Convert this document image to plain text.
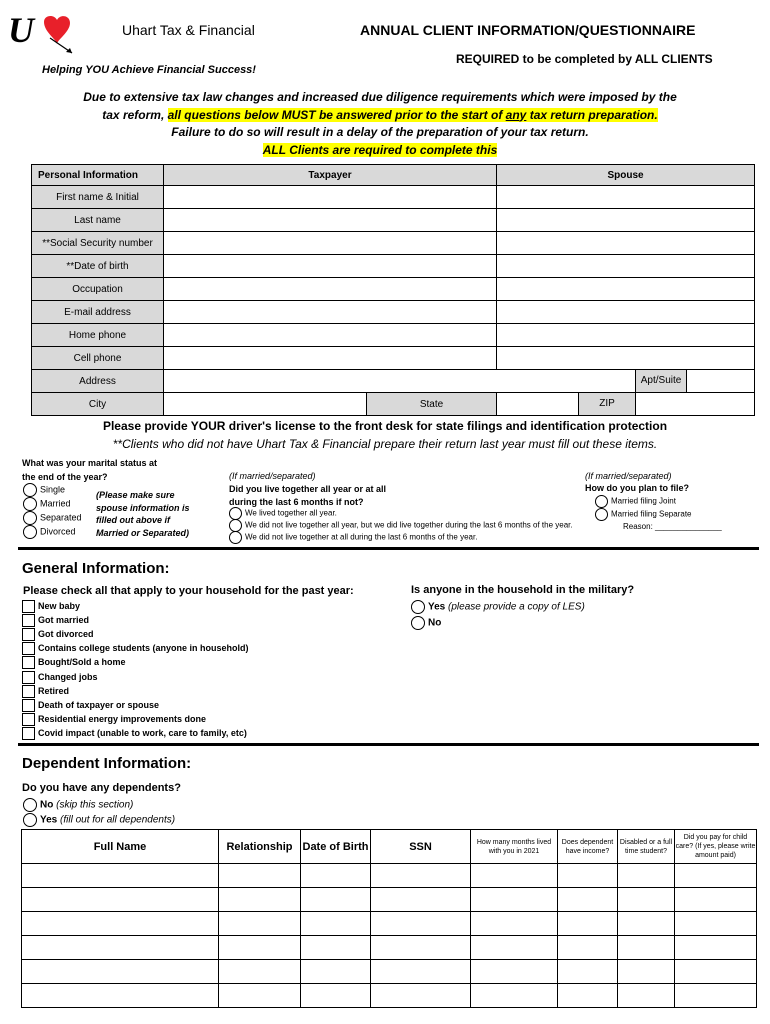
U	Uhart Tax & Financial
Helping YOU Achieve Financial Success!
ANNUAL CLIENT INFORMATION/QUESTIONNAIRE
REQUIRED to be completed by ALL CLIENTS
Due to extensive tax law changes and increased due diligence requirements which were imposed by the
tax reform, all questions below MUST be answered prior to the start of any tax return preparation.
Failure to do so will result in a delay of the preparation of your tax return.
ALL Clients are required to complete this
Personal Information	Taxpayer		Spouse	
First name & Initial				
Last name				
**Social Security number				
**Date of birth				
Occupation				
E-mail address				
Home phone				
Cell phone				
Address				Apt/Suite

City		State	ZIP	

Please provide YOUR driver's license to the front desk for state filings and identification protection
**Clients who did not have Uhart Tax & Financial prepare their return last year must fill out these items.
What was your marital status at
the end of the year?
Single
Married
Separated
Divorced
(Please make sure
spouse information is
filled out above if
Married or Separated)
(If married/separated)
Did you live together all year or at all
during the last 6 months if not?
We lived together all year.
We did not live together all year, but we did live together during the last 6 months of the year.
We did not live together at all during the last 6 months of the year.
(If married/separated)
How do you plan to file?
Married filing Joint
Married filing Separate
Reason: _______________
General Information:
Please check all that apply to your household for the past year:
New baby
Got married
Got divorced
Contains college students (anyone in household)
Bought/Sold a home
Changed jobs
Retired
Death of taxpayer or spouse
Residential energy improvements done
Covid impact (unable to work, care to family, etc)
Is anyone in the household in the military?
Yes (please provide a copy of LES)
No
Dependent Information:
Do you have any dependents?
No (skip this section)
Yes (fill out for all dependents)
Full Name	Relationship	Date of Birth	SSN	How many months lived with you in 2021	Does dependent have income?	Disabled or a full time student?	Did you pay for child care? (If yes, please write amount paid)
